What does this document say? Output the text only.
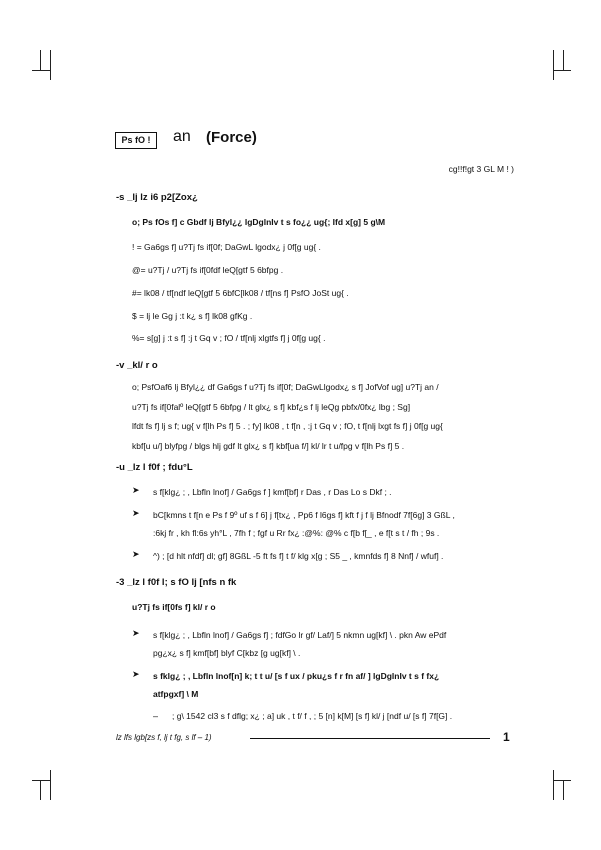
Ps fO !	an (Force)
cg!!f!gt 3 GL M ! )
-s _lj lz i6 p2[Zox¿
o; Ps fOs f] c Gbdf lj Bfyl¿¿ lgDglnIv t s fo¿¿ ug{; Ifd x[g] 5 g\M
! = Ga6gs f] u?Tj fs if[0f; DaGwL lgodx¿ j 0f[g ug{ .
@= u?Tj / u?Tj fs if[0fdf leQ[gtf 5 6bfpg .
#= lk08 / tf[ndf leQ[gtf 5 6bfC[lk08 / tf[ns f] PsfO JoSt ug{ .
$ = lj le Gg j :t k¿ s f] lk08 gfKg .
%= s[g] j :t s f] :j t Gq v ; fO / tf[nlj xlgtfs f] j 0f[g ug{ .
-v _kl/ r o
o; PsfOaf6 lj Bfyl¿¿ df Ga6gs f u?Tj fs if[0f; DaGwLlgodx¿ s f] JofVof ug] u?Tj an /
u?Tj fs if[0falº leQ[gtf 5 6bfpg / lt glx¿ s f] kbf¿s f lj leQg pbfx/0fx¿ lbg ; Sg]
lfdt fs f] lj s f; ug{ v f[lh Ps f] 5 . ; fy] lk08 , t f[n , :j t Gq v ; fO, t f[nlj lxgt fs f] j 0f[g ug{
kbf[u u/] blyfpg / blgs hlj gdf lt glx¿ s f] kbf[ua f/] kl/ lr t u/fpg v f[lh Ps f] 5 .
-u _lz l f0f ; fdu°L
➤ s f[klg¿ ; , Lbfln lnof] / Ga6gs f ] kmf[bf] r Das , r Das Lo s Dkf ; .
➤ bC[kmns t f[n e Ps f 9º uf s f 6] j f[tx¿ , Pp6 f l6gs f] kft f j f lj Bfnodf 7f[6g] 3 GßL ,
:6kj fr , kh fl:6s yh°L , 7fh f ; fgf u Rr fx¿ :@%: @% c f[b f[_ , e f[t s t / fh ; 9s .
➤ ^) ; [d hlt nfdf] dl; gf] 8GßL -5 ft fs f] t f/ klg x[g ; S5 _ , kmnfds f] 8 Nnf] / wfuf] .
-3 _lz l f0f l; s fO lj [nfs n fk
u?Tj fs if[0fs f] kl/ r o
➤ s f[klg¿ ; , Lbfln lnof] / Ga6gs f] ; fdfGo lr gf/ Laf/] 5 nkmn ug[kf] \ . pkn Aw ePdf
pg¿x¿ s f] kmf[bf] blyf C[kbz [g ug[kf] \ .
➤ s fklg¿ ; , Lbfln lnof[n] k; t t u/ [s f ux / pku¿s f r fn af/ ] lgDglnIv t s f fx¿
atfpgxf] \ M
– ; g\ 1542 cl3 s f dflg; x¿ ; a] uk , t f/ f , ; 5 [n] k[M] [s f] kl/ j [ndf u/ [s f] 7f[G] .
lz lfs lgb[zs f, lj t fg, s lf – 1)	1
